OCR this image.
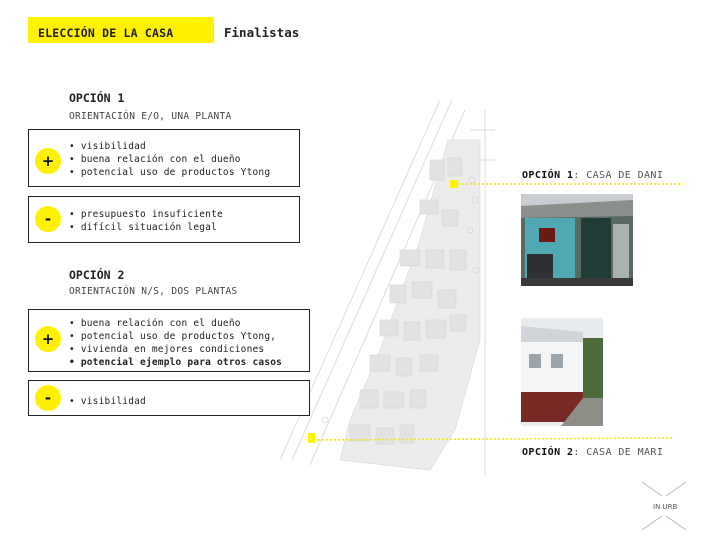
ELECCIÓN DE LA CASA	Finalistas
OPCIÓN 1
ORIENTACIÓN E/O, UNA PLANTA
+
• visibilidad
• buena relación con el dueño
• potencial uso de productos Ytong
-	• presupuesto insuficiente
• difícil situación legal
OPCIÓN 2
ORIENTACIÓN N/S, DOS PLANTAS
+
• buena relación con el dueño
• potencial uso de productos Ytong,
• vivienda en mejores condiciones
• potencial ejemplo para otros casos
-	• visibilidad
OPCIÓN 1: CASA DE DANI
OPCIÓN 2: CASA DE MARI
IN URB
